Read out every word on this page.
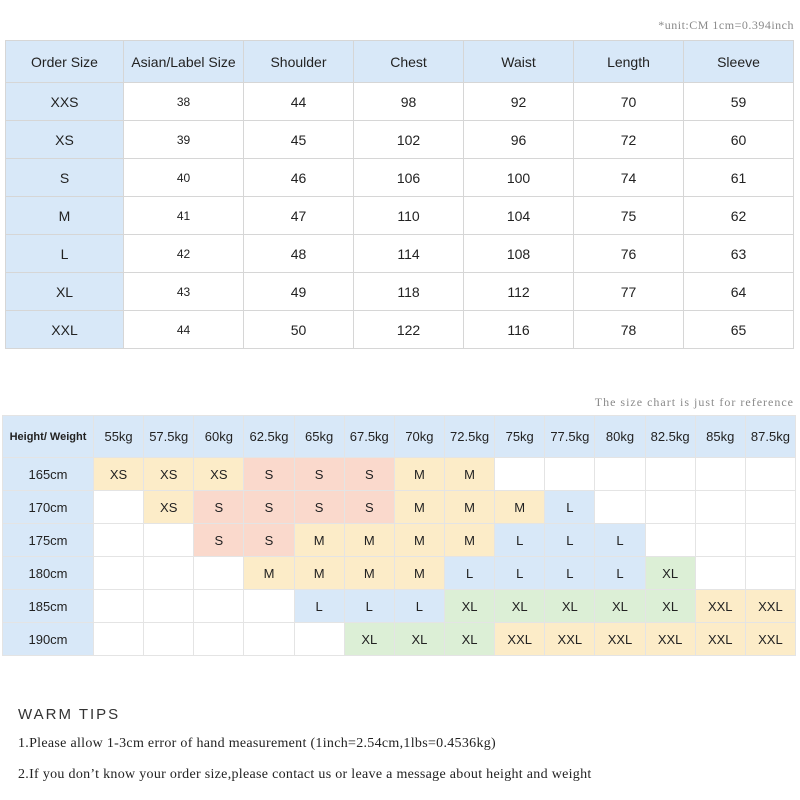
*unit:CM 1cm=0.394inch
Order Size	Asian/Label Size	Shoulder	Chest	Waist	Length	Sleeve
XXS	38	44	98	92	70	59
XS	39	45	102	96	72	60
S	40	46	106	100	74	61
M	41	47	110	104	75	62
L	42	48	114	108	76	63
XL	43	49	118	112	77	64
XXL	44	50	122	116	78	65
The size chart is just for reference
Height/ Weight	55kg	57.5kg	60kg	62.5kg	65kg	67.5kg	70kg	72.5kg	75kg	77.5kg	80kg	82.5kg	85kg	87.5kg
165cm	XS	XS	XS	S	S	S	M	M						
170cm		XS	S	S	S	S	M	M	M	L				
175cm			S	S	M	M	M	M	L	L	L			
180cm				M	M	M	M	L	L	L	L	XL		
185cm					L	L	L	XL	XL	XL	XL	XL	XXL	XXL
190cm						XL	XL	XL	XXL	XXL	XXL	XXL	XXL	XXL
WARM TIPS
1.Please allow 1-3cm error of hand measurement (1inch=2.54cm,1lbs=0.4536kg)
2.If you don’t know your order size,please contact us or leave a message about height and weight
